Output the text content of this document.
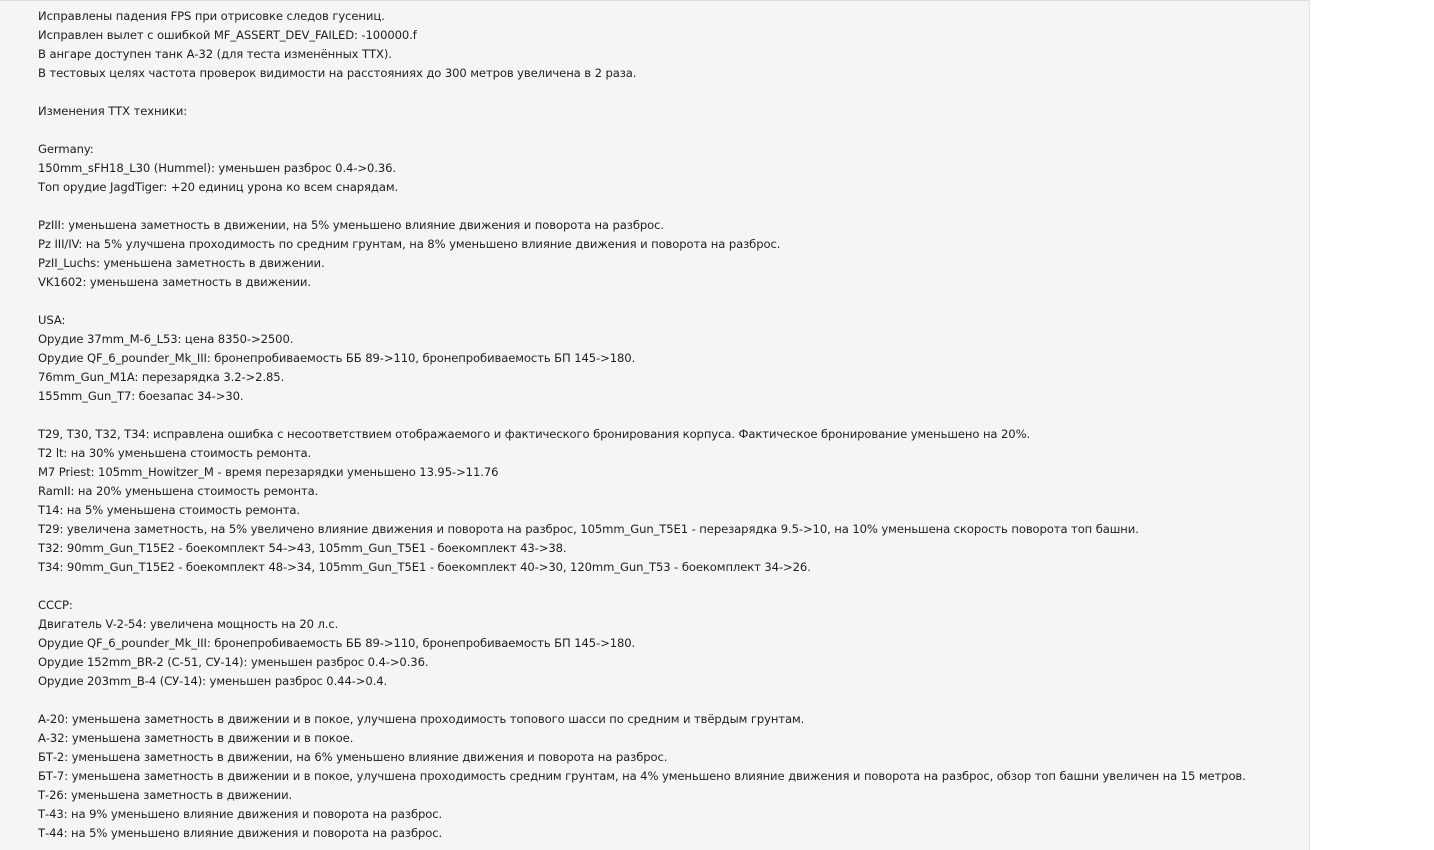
Исправлены падения FPS при отрисовке следов гусениц.
Исправлен вылет с ошибкой MF_ASSERT_DEV_FAILED: -100000.f
В ангаре доступен танк А-32 (для теста изменённых ТТХ).
В тестовых целях частота проверок видимости на расстояниях до 300 метров увеличена в 2 раза.
Изменения ТТХ техники:
Germany:
150mm_sFH18_L30 (Hummel): уменьшен разброс 0.4->0.36.
Топ орудие JagdTiger: +20 единиц урона ко всем снарядам.
PzIII: уменьшена заметность в движении, на 5% уменьшено влияние движения и поворота на разброс.
Pz III/IV: на 5% улучшена проходимость по средним грунтам, на 8% уменьшено влияние движения и поворота на разброс.
PzII_Luchs: уменьшена заметность в движении.
VK1602: уменьшена заметность в движении.
USA:
Орудие 37mm_M-6_L53: цена 8350->2500.
Орудие QF_6_pounder_Mk_III: бронепробиваемость ББ 89->110, бронепробиваемость БП 145->180.
76mm_Gun_M1A: перезарядка 3.2->2.85.
155mm_Gun_T7: боезапас 34->30.
T29, T30, T32, T34: исправлена ошибка с несоответствием отображаемого и фактического бронирования корпуса. Фактическое бронирование уменьшено на 20%.
T2 lt: на 30% уменьшена стоимость ремонта.
M7 Priest: 105mm_Howitzer_M - время перезарядки уменьшено 13.95->11.76
RamII: на 20% уменьшена стоимость ремонта.
T14: на 5% уменьшена стоимость ремонта.
T29: увеличена заметность, на 5% увеличено влияние движения и поворота на разброс, 105mm_Gun_T5E1 - перезарядка 9.5->10, на 10% уменьшена скорость поворота топ башни.
T32: 90mm_Gun_T15E2 - боекомплект 54->43, 105mm_Gun_T5E1 - боекомплект 43->38.
T34: 90mm_Gun_T15E2 - боекомплект 48->34, 105mm_Gun_T5E1 - боекомплект 40->30, 120mm_Gun_T53 - боекомплект 34->26.
СССР:
Двигатель V-2-54: увеличена мощность на 20 л.с.
Орудие QF_6_pounder_Mk_III: бронепробиваемость ББ 89->110, бронепробиваемость БП 145->180.
Орудие 152mm_BR-2 (С-51, СУ-14): уменьшен разброс 0.4->0.36.
Орудие 203mm_B-4 (СУ-14): уменьшен разброс 0.44->0.4.
А-20: уменьшена заметность в движении и в покое, улучшена проходимость топового шасси по средним и твёрдым грунтам.
А-32: уменьшена заметность в движении и в покое.
БТ-2: уменьшена заметность в движении, на 6% уменьшено влияние движения и поворота на разброс.
БТ-7: уменьшена заметность в движении и в покое, улучшена проходимость средним грунтам, на 4% уменьшено влияние движения и поворота на разброс, обзор топ башни увеличен на 15 метров.
Т-26: уменьшена заметность в движении.
Т-43: на 9% уменьшено влияние движения и поворота на разброс.
Т-44: на 5% уменьшено влияние движения и поворота на разброс.
